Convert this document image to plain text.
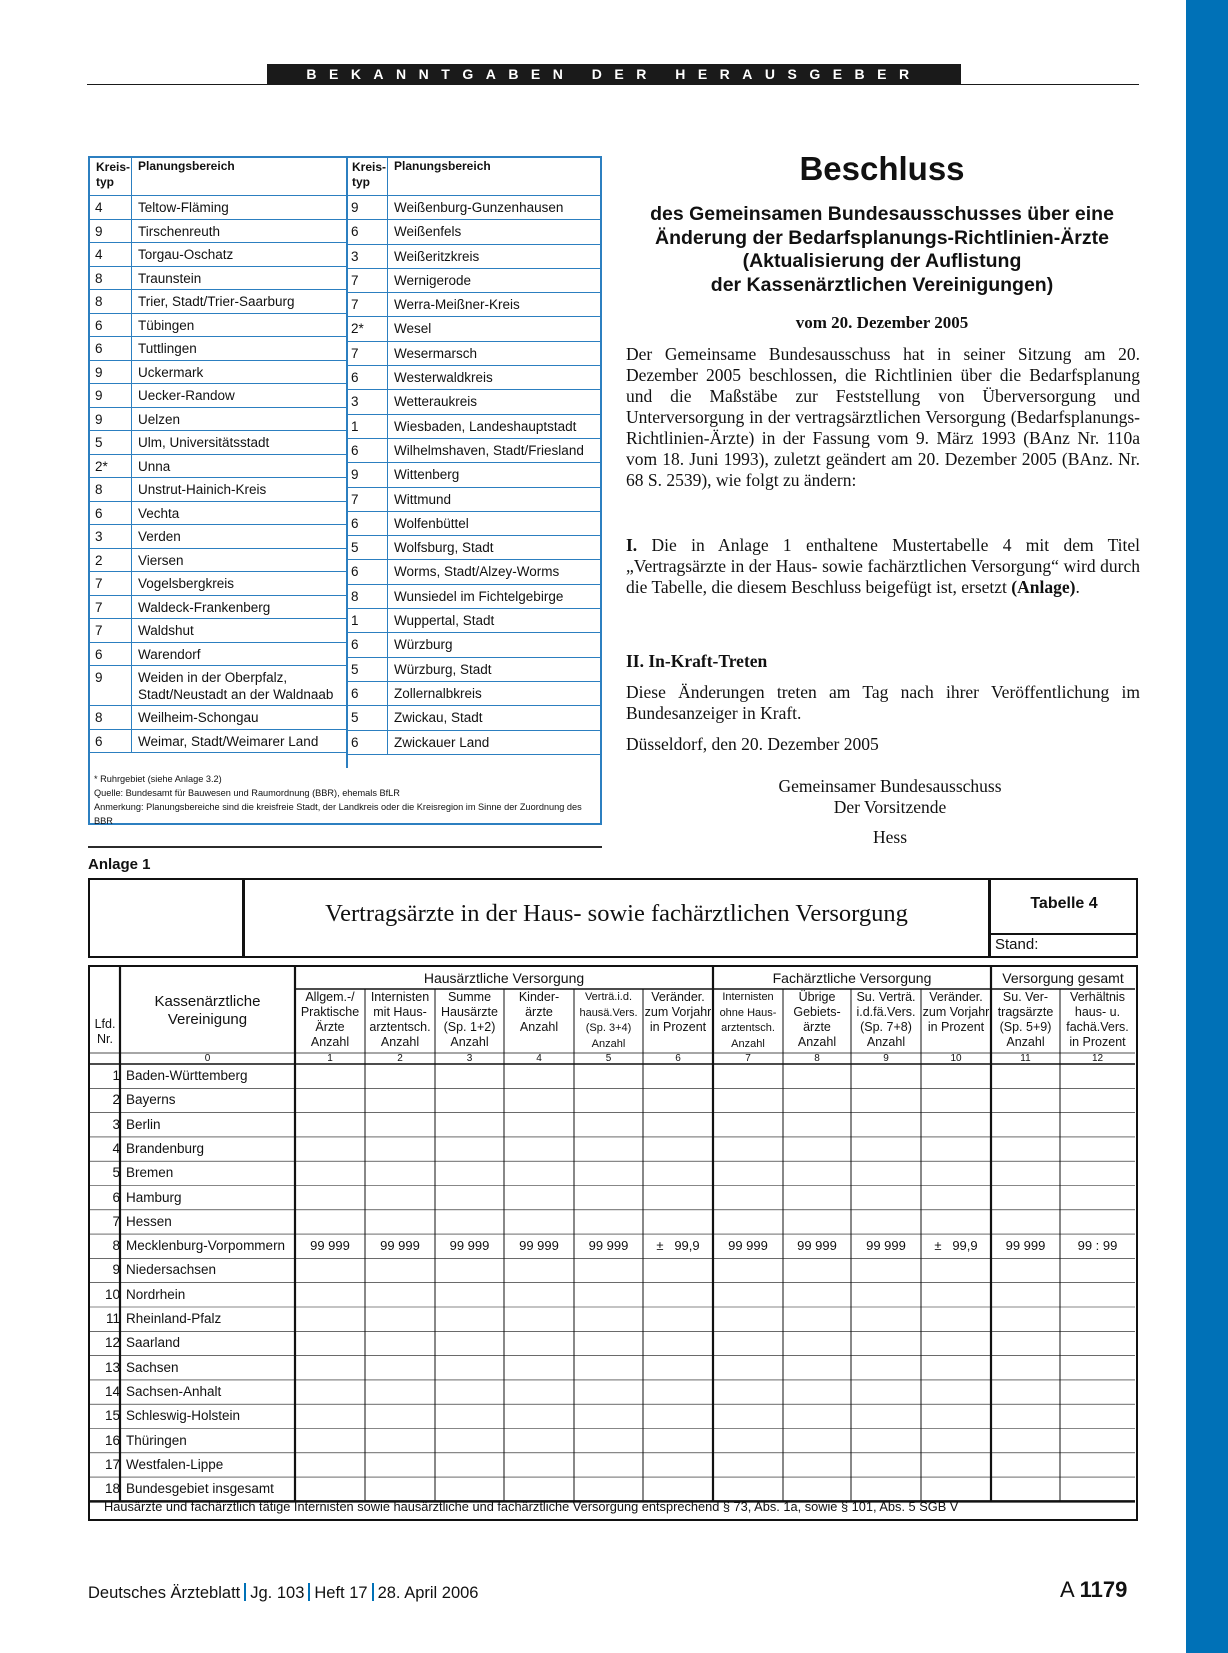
BEKANNTGABEN DER HERAUSGEBER
Kreis-typ
Planungsbereich
4	Teltow-Fläming
9	Tirschenreuth
4	Torgau-Oschatz
8	Traunstein
8	Trier, Stadt/Trier-Saarburg
6	Tübingen
6	Tuttlingen
9	Uckermark
9	Uecker-Randow
9	Uelzen
5	Ulm, Universitätsstadt
2*	Unna
8	Unstrut-Hainich-Kreis
6	Vechta
3	Verden
2	Viersen
7	Vogelsbergkreis
7	Waldeck-Frankenberg
7	Waldshut
6	Warendorf
9	Weiden in der Oberpfalz, Stadt/Neustadt an der Waldnaab
8	Weilheim-Schongau
6	Weimar, Stadt/Weimarer Land
Kreis-typ
Planungsbereich
9	Weißenburg-Gunzenhausen
6	Weißenfels
3	Weißeritzkreis
7	Wernigerode
7	Werra-Meißner-Kreis
2*	Wesel
7	Wesermarsch
6	Westerwaldkreis
3	Wetteraukreis
1	Wiesbaden, Landeshauptstadt
6	Wilhelmshaven, Stadt/Friesland
9	Wittenberg
7	Wittmund
6	Wolfenbüttel
5	Wolfsburg, Stadt
6	Worms, Stadt/Alzey-Worms
8	Wunsiedel im Fichtelgebirge
1	Wuppertal, Stadt
6	Würzburg
5	Würzburg, Stadt
6	Zollernalbkreis
5	Zwickau, Stadt
6	Zwickauer Land
* Ruhrgebiet (siehe Anlage 3.2)
Quelle: Bundesamt für Bauwesen und Raumordnung (BBR), ehemals BfLR
Anmerkung: Planungsbereiche sind die kreisfreie Stadt, der Landkreis oder die Kreisregion im Sinne der Zuordnung des BBR
Beschluss
des Gemeinsamen Bundesausschusses über eine
Änderung der Bedarfsplanungs-Richtlinien-Ärzte
(Aktualisierung der Auflistung
der Kassenärztlichen Vereinigungen)
vom 20. Dezember 2005
Der Gemeinsame Bundesausschuss hat in seiner Sitzung am 20. Dezember 2005 beschlossen, die Richtlinien über die Bedarfsplanung und die Maßstäbe zur Feststellung von Überversorgung und Unterversorgung in der vertragsärztlichen Versorgung (Bedarfsplanungs-Richtlinien-Ärzte) in der Fassung vom 9. März 1993 (BAnz Nr. 110a vom 18. Juni 1993), zuletzt geändert am 20. Dezember 2005 (BAnz. Nr. 68 S. 2539), wie folgt zu ändern:
I. Die in Anlage 1 enthaltene Mustertabelle 4 mit dem Titel „Vertragsärzte in der Haus- sowie fachärztlichen Versorgung“ wird durch die Tabelle, die diesem Beschluss beigefügt ist, ersetzt (Anlage).
II. In-Kraft-Treten
Diese Änderungen treten am Tag nach ihrer Veröffentlichung im Bundesanzeiger in Kraft.
Düsseldorf, den 20. Dezember 2005
Gemeinsamer Bundesausschuss
Der Vorsitzende
Hess
Anlage 1
Vertragsärzte in der Haus- sowie fachärztlichen Versorgung	Tabelle 4
Stand:
Hausärzte und fachärztlich tätige Internisten sowie hausärztliche und fachärztliche Versorgung entsprechend § 73, Abs. 1a, sowie § 101, Abs. 5 SGB V
Hausärztliche Versorgung	Fachärztliche Versorgung	Versorgung gesamt
Lfd. Nr.
Kassenärztliche Vereinigung
Allgem.-/ Praktische Ärzte Anzahl
Internisten mit Haus- arztentsch. Anzahl
Summe Hausärzte (Sp. 1+2) Anzahl
Kinder- ärzte Anzahl
Verträ.i.d. hausä.Vers. (Sp. 3+4) Anzahl
Veränder. zum Vorjahr in Prozent
Internisten ohne Haus- arztentsch. Anzahl
Übrige Gebiets- ärzte Anzahl
Su. Verträ. i.d.fä.Vers. (Sp. 7+8) Anzahl
Veränder. zum Vorjahr in Prozent
Su. Ver- tragsärzte (Sp. 5+9) Anzahl
Verhältnis haus- u. fachä.Vers. in Prozent
0	1	2	3	4	5	6	7	8	9	10	11	12
1 Baden-Württemberg
2 Bayerns
3 Berlin
4 Brandenburg
5 Bremen
6 Hamburg
7 Hessen
8 Mecklenburg-Vorpommern	99 999	99 999	99 999	99 999	99 999	±   99,9	99 999	99 999	99 999	±   99,9	99 999	99 : 99
9 Niedersachsen
10 Nordrhein
11 Rheinland-Pfalz
12 Saarland
13 Sachsen
14 Sachsen-Anhalt
15 Schleswig-Holstein
16 Thüringen
17 Westfalen-Lippe
18 Bundesgebiet insgesamt
Deutsches Ärzteblatt Jg. 103 Heft 17 28. April 2006	A 1179
